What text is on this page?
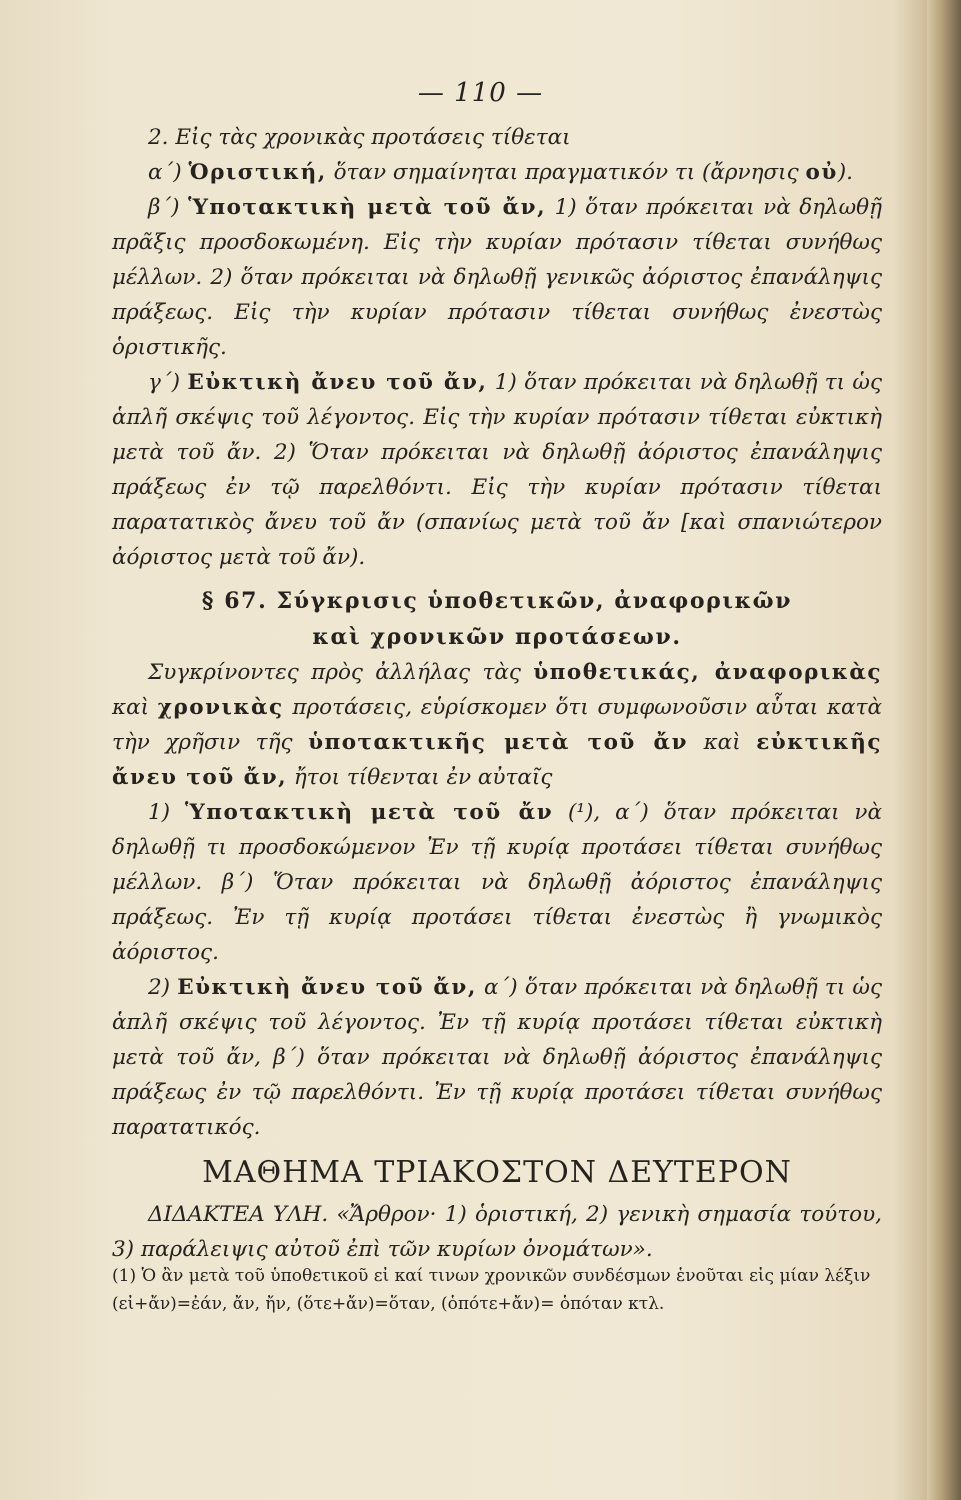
— 110 —

2. Εἰς τὰς χρονικὰς προτάσεις τίθεται

α΄) Ὁριστική, ὅταν σημαίνηται πραγματικόν τι (ἄρνησις οὐ).

β΄) Ὑποτακτικὴ μετὰ τοῦ ἄν, 1) ὅταν πρόκειται νὰ δηλωθῇ πρᾶξις προσδοκωμένη. Εἰς τὴν κυρίαν πρότασιν τίθεται συνήθως μέλλων. 2) ὅταν πρόκειται νὰ δηλωθῇ γενικῶς ἀόριστος ἐπανάληψις πράξεως. Εἰς τὴν κυρίαν πρότασιν τίθεται συνήθως ἐνεστὼς ὁριστικῆς.

γ΄) Εὐκτικὴ ἄνευ τοῦ ἄν, 1) ὅταν πρόκειται νὰ δηλωθῇ τι ὡς ἁπλῆ σκέψις τοῦ λέγοντος. Εἰς τὴν κυρίαν πρότασιν τίθεται εὐκτικὴ μετὰ τοῦ ἄν. 2) Ὅταν πρόκειται νὰ δηλωθῇ ἀόριστος ἐπανάληψις πράξεως ἐν τῷ παρελθόντι. Εἰς τὴν κυρίαν πρότασιν τίθεται παρατατικὸς ἄνευ τοῦ ἄν (σπανίως μετὰ τοῦ ἄν [καὶ σπανιώτερον ἀόριστος μετὰ τοῦ ἄν).

§ 67. Σύγκρισις ὑποθετικῶν, ἀναφορικῶν
καὶ χρονικῶν προτάσεων.

Συγκρίνοντες πρὸς ἀλλήλας τὰς ὑποθετικάς, ἀναφορικὰς καὶ χρονικὰς προτάσεις, εὑρίσκομεν ὅτι συμφωνοῦσιν αὗται κατὰ τὴν χρῆσιν τῆς ὑποτακτικῆς μετὰ τοῦ ἄν καὶ εὐκτικῆς ἄνευ τοῦ ἄν, ἤτοι τίθενται ἐν αὐταῖς

1) Ὑποτακτικὴ μετὰ τοῦ ἄν (¹), α΄) ὅταν πρόκειται νὰ δηλωθῇ τι προσδοκώμενον Ἐν τῇ κυρίᾳ προτάσει τίθεται συνήθως μέλλων. β΄) Ὅταν πρόκειται νὰ δηλωθῇ ἀόριστος ἐπανάληψις πράξεως. Ἐν τῇ κυρίᾳ προτάσει τίθεται ἐνεστὼς ἢ γνωμικὸς ἀόριστος.

2) Εὐκτικὴ ἄνευ τοῦ ἄν, α΄) ὅταν πρόκειται νὰ δηλωθῇ τι ὡς ἁπλῆ σκέψις τοῦ λέγοντος. Ἐν τῇ κυρίᾳ προτάσει τίθεται εὐκτικὴ μετὰ τοῦ ἄν, β΄) ὅταν πρόκειται νὰ δηλωθῇ ἀόριστος ἐπανάληψις πράξεως ἐν τῷ παρελθόντι. Ἐν τῇ κυρίᾳ προτάσει τίθεται συνήθως παρατατικός.

ΜΑΘΗΜΑ ΤΡΙΑΚΟΣΤΟΝ ΔΕΥΤΕΡΟΝ

ΔΙΔΑΚΤΕΑ ΥΛΗ. «Ἄρθρον· 1) ὁριστική, 2) γενικὴ σημασία τούτου, 3) παράλειψις αὐτοῦ ἐπὶ τῶν κυρίων ὀνομάτων».

(1) Ὁ ἂν μετὰ τοῦ ὑποθετικοῦ εἰ καί τινων χρονικῶν συνδέσμων ἑνοῦται εἰς μίαν λέξιν (εἰ+ἄν)=ἐάν, ἄν, ἤν, (ὅτε+ἄν)=ὅταν, (ὁπότε+ἄν)= ὁπόταν κτλ.
